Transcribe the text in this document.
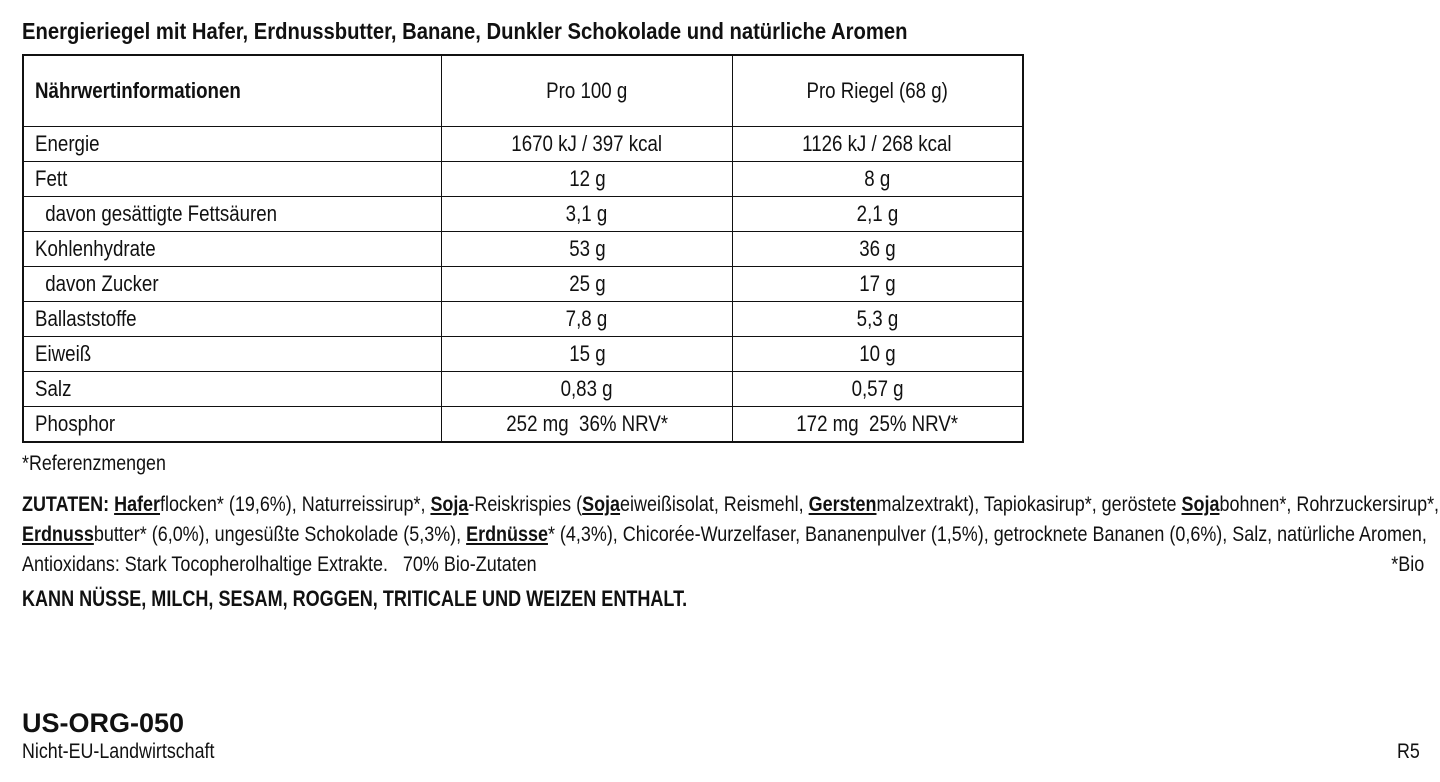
Energieriegel mit Hafer, Erdnussbutter, Banane, Dunkler Schokolade und natürliche Aromen
Nährwertinformationen	Pro 100 g	Pro Riegel (68 g)
Energie	1670 kJ / 397 kcal	1126 kJ / 268 kcal
Fett	12 g	8 g
davon gesättigte Fettsäuren	3,1 g	2,1 g
Kohlenhydrate	53 g	36 g
davon Zucker	25 g	17 g
Ballaststoffe	7,8 g	5,3 g
Eiweiß	15 g	10 g
Salz	0,83 g	0,57 g
Phosphor	252 mg  36% NRV*	172 mg  25% NRV*
*Referenzmengen
ZUTATEN: Haferflocken* (19,6%), Naturreissirup*, Soja-Reiskrispies (Sojaeiweißisolat, Reismehl, Gerstenmalzextrakt), Tapiokasirup*, geröstete Sojabohnen*, Rohrzuckersirup*,
Erdnussbutter* (6,0%), ungesüßte Schokolade (5,3%), Erdnüsse* (4,3%), Chicorée-Wurzelfaser, Bananenpulver (1,5%), getrocknete Bananen (0,6%), Salz, natürliche Aromen,
Antioxidans: Stark Tocopherolhaltige Extrakte.   70% Bio-Zutaten	*Bio
KANN NÜSSE, MILCH, SESAM, ROGGEN, TRITICALE UND WEIZEN ENTHALT.
US-ORG-050
Nicht-EU-Landwirtschaft	R5
